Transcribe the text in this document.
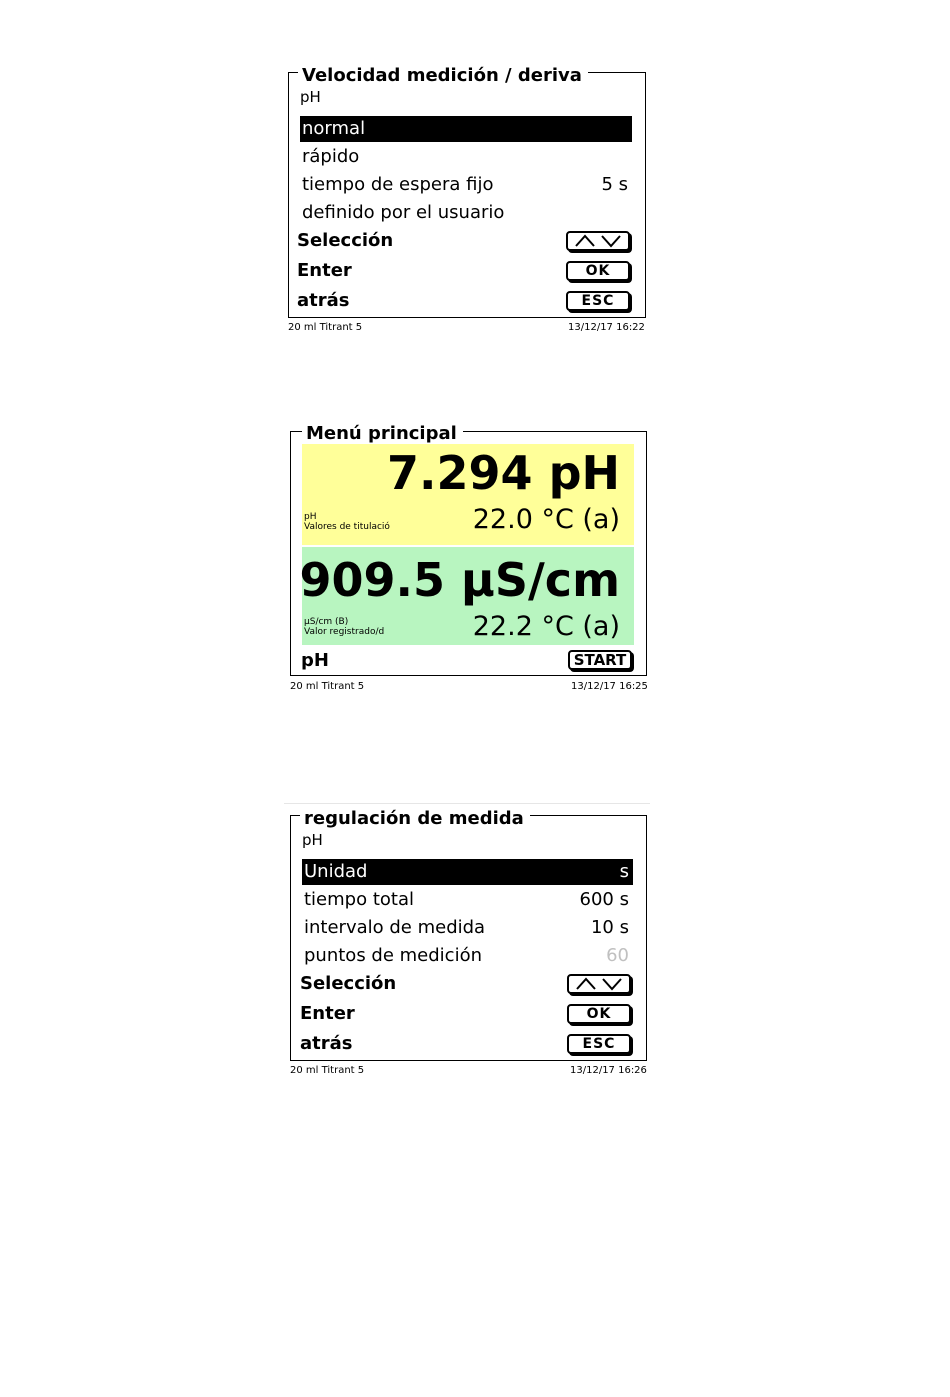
Velocidad medición / deriva
pH
normal
rápido
tiempo de espera fijo	5 s
definido por el usuario
Selección
Enter	OK
atrás	ESC
20 ml Titrant 5	13/12/17 16:22
Menú principal
7.294 pH
pH
Valores de titulació	22.0 °C (a)
909.5 µS/cm
µS/cm (B)
Valor registrado/d	22.2 °C (a)
pH	START
20 ml Titrant 5	13/12/17 16:25
regulación de medida
pH
Unidad	s
tiempo total	600 s
intervalo de medida	10 s
puntos de medición	60
Selección
Enter	OK
atrás	ESC
20 ml Titrant 5	13/12/17 16:26
